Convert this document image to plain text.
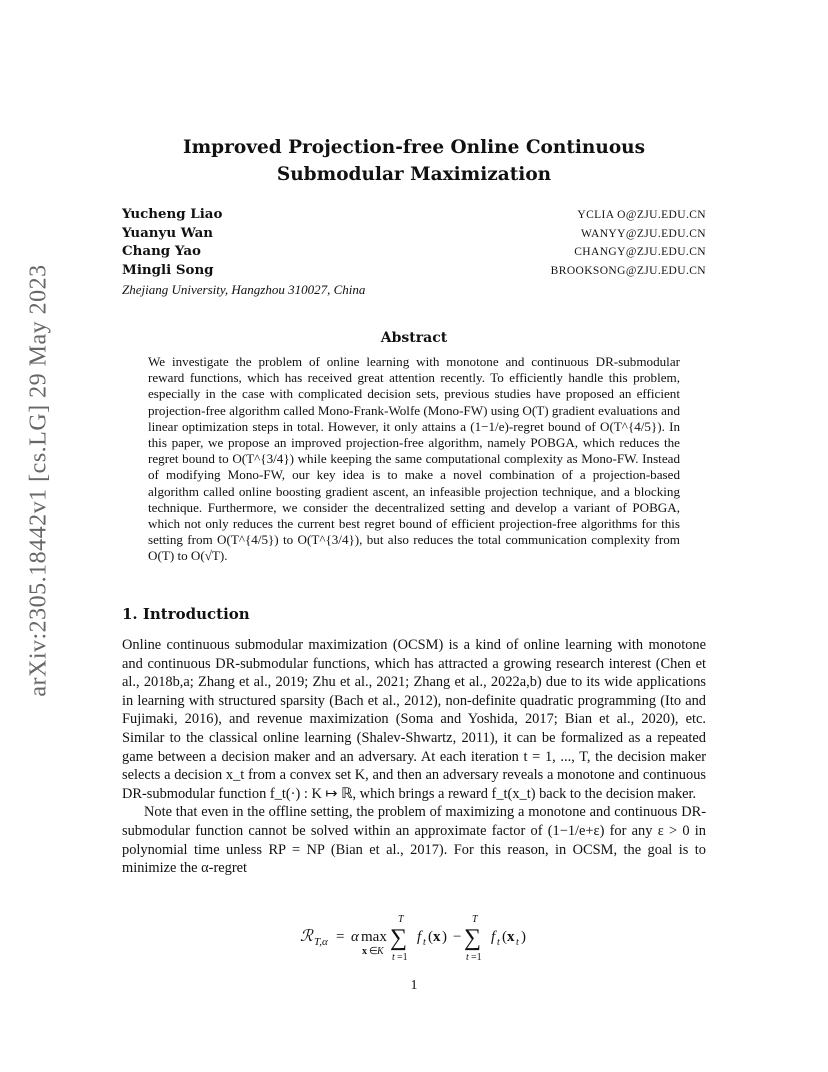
arXiv:2305.18442v1 [cs.LG] 29 May 2023
Improved Projection-free Online Continuous Submodular Maximization
Yucheng Liao	YCLIA O@ZJU.EDU.CN
Yuanyu Wan	WANYY@ZJU.EDU.CN
Chang Yao	CHANGY@ZJU.EDU.CN
Mingli Song	BROOKSONG@ZJU.EDU.CN
Zhejiang University, Hangzhou 310027, China
Abstract

We investigate the problem of online learning with monotone and continuous DR-submodular reward functions, which has received great attention recently. To efficiently handle this problem, especially in the case with complicated decision sets, previous studies have proposed an efficient projection-free algorithm called Mono-Frank-Wolfe (Mono-FW) using O(T) gradient evaluations and linear optimization steps in total. However, it only attains a (1−1/e)-regret bound of O(T^{4/5}). In this paper, we propose an improved projection-free algorithm, namely POBGA, which reduces the regret bound to O(T^{3/4}) while keeping the same computational complexity as Mono-FW. Instead of modifying Mono-FW, our key idea is to make a novel combination of a projection-based algorithm called online boosting gradient ascent, an infeasible projection technique, and a blocking technique. Furthermore, we consider the decentralized setting and develop a variant of POBGA, which not only reduces the current best regret bound of efficient projection-free algorithms for this setting from O(T^{4/5}) to O(T^{3/4}), but also reduces the total communication complexity from O(T) to O(√T).

1. Introduction

Online continuous submodular maximization (OCSM) is a kind of online learning with monotone and continuous DR-submodular functions, which has attracted a growing research interest (Chen et al., 2018b,a; Zhang et al., 2019; Zhu et al., 2021; Zhang et al., 2022a,b) due to its wide applications in learning with structured sparsity (Bach et al., 2012), non-definite quadratic programming (Ito and Fujimaki, 2016), and revenue maximization (Soma and Yoshida, 2017; Bian et al., 2020), etc. Similar to the classical online learning (Shalev-Shwartz, 2011), it can be formalized as a repeated game between a decision maker and an adversary. At each iteration t = 1, ..., T, the decision maker selects a decision x_t from a convex set K, and then an adversary reveals a monotone and continuous DR-submodular function f_t(·) : K ↦ ℝ, which brings a reward f_t(x_t) back to the decision maker.

Note that even in the offline setting, the problem of maximizing a monotone and continuous DR-submodular function cannot be solved within an approximate factor of (1−1/e+ε) for any ε > 0 in polynomial time unless RP = NP (Bian et al., 2017). For this reason, in OCSM, the goal is to minimize the α-regret

ℛ T,α = α max
x ∈ K
T
∑
t =1
f t ( x ) −
T
∑
t =1
f t ( x t )
1
